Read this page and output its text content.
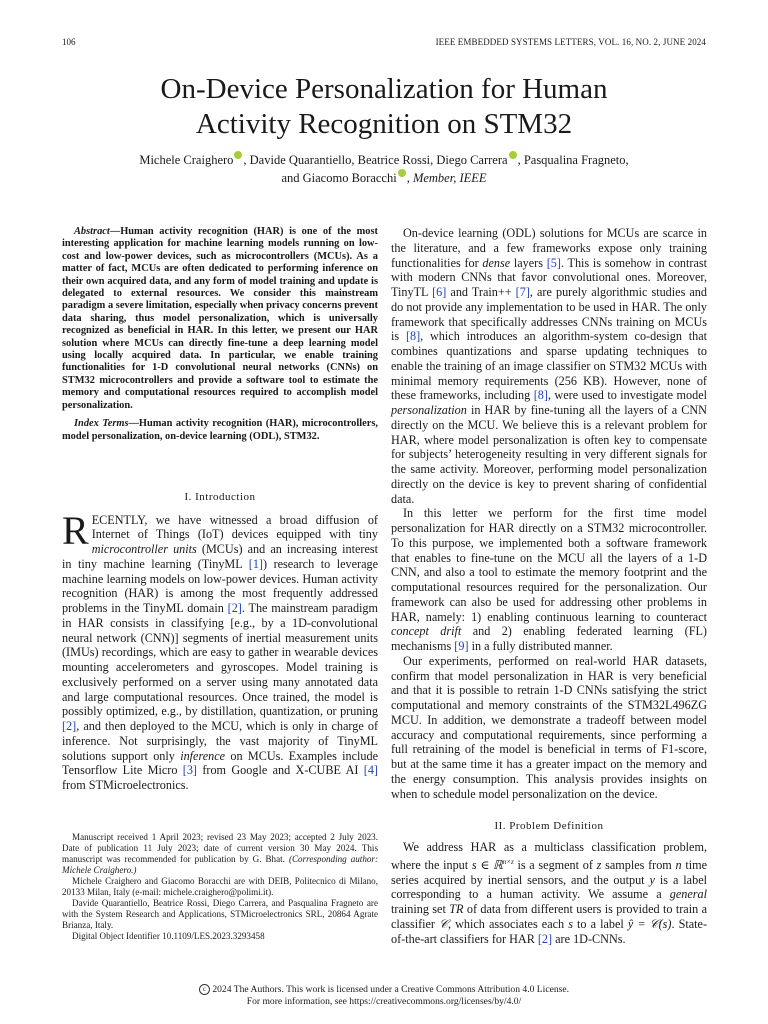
106	IEEE EMBEDDED SYSTEMS LETTERS, VOL. 16, NO. 2, JUNE 2024
On-Device Personalization for Human
Activity Recognition on STM32
Michele Craighero , Davide Quarantiello, Beatrice Rossi, Diego Carrera , Pasqualina Fragneto,
and Giacomo Boracchi , Member, IEEE

Abstract—Human activity recognition (HAR) is one of the most interesting application for machine learning models running on low-cost and low-power devices, such as microcontrollers (MCUs). As a matter of fact, MCUs are often dedicated to performing inference on their own acquired data, and any form of model training and update is delegated to external resources. We consider this mainstream paradigm a severe limitation, especially when privacy concerns prevent data sharing, thus model personalization, which is universally recognized as beneficial in HAR. In this letter, we present our HAR solution where MCUs can directly fine-tune a deep learning model using locally acquired data. In particular, we enable training functionalities for 1-D convolutional neural networks (CNNs) on STM32 microcontrollers and provide a software tool to estimate the memory and computational resources required to accomplish model personalization.

Index Terms—Human activity recognition (HAR), microcontrollers, model personalization, on-device learning (ODL), STM32.

I. Introduction

RECENTLY, we have witnessed a broad diffusion of Internet of Things (IoT) devices equipped with tiny microcontroller units (MCUs) and an increasing interest in tiny machine learning (TinyML [1]) research to leverage machine learning models on low-power devices. Human activity recognition (HAR) is among the most frequently addressed problems in the TinyML domain [2]. The mainstream paradigm in HAR consists in classifying [e.g., by a 1D-convolutional neural network (CNN)] segments of inertial measurement units (IMUs) recordings, which are easy to gather in wearable devices mounting accelerometers and gyroscopes. Model training is exclusively performed on a server using many annotated data and large computational resources. Once trained, the model is possibly optimized, e.g., by distillation, quantization, or pruning [2], and then deployed to the MCU, which is only in charge of inference. Not surprisingly, the vast majority of TinyML solutions support only inference on MCUs. Examples include Tensorflow Lite Micro [3] from Google and X-CUBE AI [4] from STMicroelectronics.

On-device learning (ODL) solutions for MCUs are scarce in the literature, and a few frameworks expose only training functionalities for dense layers [5]. This is somehow in contrast with modern CNNs that favor convolutional ones. Moreover, TinyTL [6] and Train++ [7], are purely algorithmic studies and do not provide any implementation to be used in HAR. The only framework that specifically addresses CNNs training on MCUs is [8], which introduces an algorithm-system co-design that combines quantizations and sparse updating techniques to enable the training of an image classifier on STM32 MCUs with minimal memory requirements (256 KB). However, none of these frameworks, including [8], were used to investigate model personalization in HAR by fine-tuning all the layers of a CNN directly on the MCU. We believe this is a relevant problem for HAR, where model personalization is often key to compensate for subjects’ heterogeneity resulting in very different signals for the same activity. Moreover, performing model personalization directly on the device is key to prevent sharing of confidential data.

In this letter we perform for the first time model personalization for HAR directly on a STM32 microcontroller. To this purpose, we implemented both a software framework that enables to fine-tune on the MCU all the layers of a 1-D CNN, and also a tool to estimate the memory footprint and the computational resources required for the personalization. Our framework can also be used for addressing other problems in HAR, namely: 1) enabling continuous learning to counteract concept drift and 2) enabling federated learning (FL) mechanisms [9] in a fully distributed manner.

Our experiments, performed on real-world HAR datasets, confirm that model personalization in HAR is very beneficial and that it is possible to retrain 1-D CNNs satisfying the strict computational and memory constraints of the STM32L496ZG MCU. In addition, we demonstrate a tradeoff between model accuracy and computational requirements, since performing a full retraining of the model is beneficial in terms of F1-score, but at the same time it has a greater impact on the memory and the energy consumption. This analysis provides insights on when to schedule model personalization on the device.

II. Problem Definition

We address HAR as a multiclass classification problem, where the input s ∈ ℝ$^{n\times z}$ is a segment of z samples from n time series acquired by inertial sensors, and the output y is a label corresponding to a human activity. We assume a general training set TR of data from different users is provided to train a classifier 𝒞, which associates each s to a label ŷ = 𝒞(s). State-of-the-art classifiers for HAR [2] are 1D-CNNs.

Manuscript received 1 April 2023; revised 23 May 2023; accepted 2 July 2023. Date of publication 11 July 2023; date of current version 30 May 2024. This manuscript was recommended for publication by G. Bhat. (Corresponding author: Michele Craighero.)

Michele Craighero and Giacomo Boracchi are with DEIB, Politecnico di Milano, 20133 Milan, Italy (e-mail: michele.craighero@polimi.it).

Davide Quarantiello, Beatrice Rossi, Diego Carrera, and Pasqualina Fragneto are with the System Research and Applications, STMicroelectronics SRL, 20864 Agrate Brianza, Italy.

Digital Object Identifier 10.1109/LES.2023.3293458

c 2024 The Authors. This work is licensed under a Creative Commons Attribution 4.0 License.
For more information, see https://creativecommons.org/licenses/by/4.0/
